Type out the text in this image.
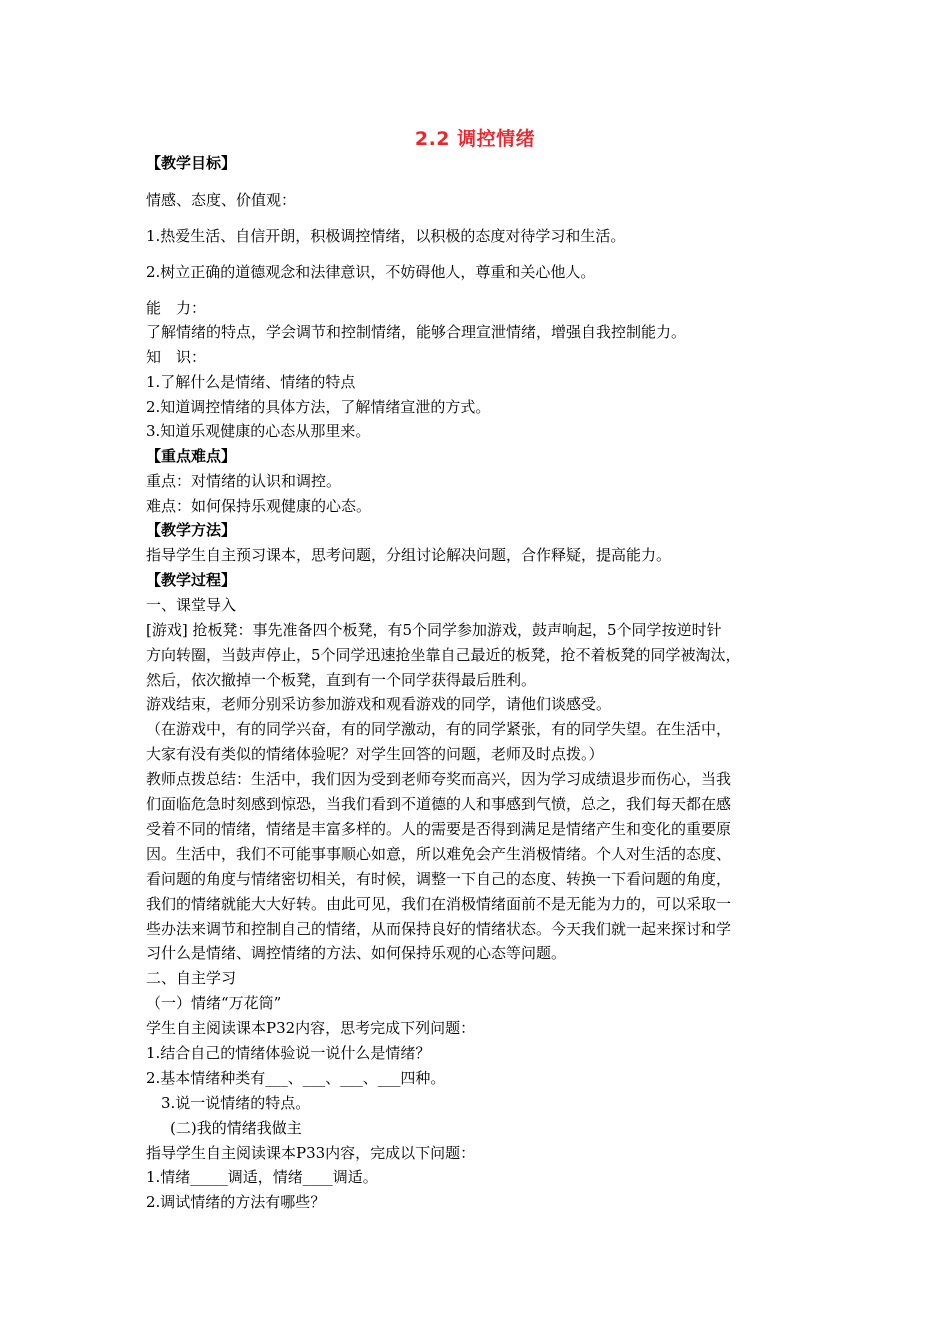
2.2 调控情绪
【教学目标】
情感、态度、价值观：
1.热爱生活、自信开朗，积极调控情绪，以积极的态度对待学习和生活。
2.树立正确的道德观念和法律意识，不妨碍他人，尊重和关心他人。
能　力：
了解情绪的特点，学会调节和控制情绪，能够合理宣泄情绪，增强自我控制能力。
知　识：
1.了解什么是情绪、情绪的特点
2.知道调控情绪的具体方法，了解情绪宣泄的方式。
3.知道乐观健康的心态从那里来。
【重点难点】
重点：对情绪的认识和调控。
难点：如何保持乐观健康的心态。
【教学方法】
指导学生自主预习课本，思考问题，分组讨论解决问题，合作释疑，提高能力。
【教学过程】
一、课堂导入
[游戏] 抢板凳：事先准备四个板凳，有5个同学参加游戏，鼓声响起，5个同学按逆时针
方向转圈，当鼓声停止，5个同学迅速抢坐靠自己最近的板凳，抢不着板凳的同学被淘汰，
然后，依次撤掉一个板凳，直到有一个同学获得最后胜利。
游戏结束，老师分别采访参加游戏和观看游戏的同学，请他们谈感受。
（在游戏中，有的同学兴奋，有的同学激动，有的同学紧张，有的同学失望。在生活中，
大家有没有类似的情绪体验呢？对学生回答的问题，老师及时点拨。）
教师点拨总结：生活中，我们因为受到老师夸奖而高兴，因为学习成绩退步而伤心，当我
们面临危急时刻感到惊恐，当我们看到不道德的人和事感到气愤，总之，我们每天都在感
受着不同的情绪，情绪是丰富多样的。人的需要是否得到满足是情绪产生和变化的重要原
因。生活中，我们不可能事事顺心如意，所以难免会产生消极情绪。个人对生活的态度、
看问题的角度与情绪密切相关，有时候，调整一下自己的态度、转换一下看问题的角度，
我们的情绪就能大大好转。由此可见，我们在消极情绪面前不是无能为力的，可以采取一
些办法来调节和控制自己的情绪，从而保持良好的情绪状态。今天我们就一起来探讨和学
习什么是情绪、调控情绪的方法、如何保持乐观的心态等问题。
二、自主学习
（一）情绪“万花筒”
学生自主阅读课本P32内容，思考完成下列问题：
1.结合自己的情绪体验说一说什么是情绪？
2.基本情绪种类有___、___、___、___四种。
3.说一说情绪的特点。
(二)我的情绪我做主
指导学生自主阅读课本P33内容，完成以下问题：
1.情绪_____调适，情绪____调适。
2.调试情绪的方法有哪些？
